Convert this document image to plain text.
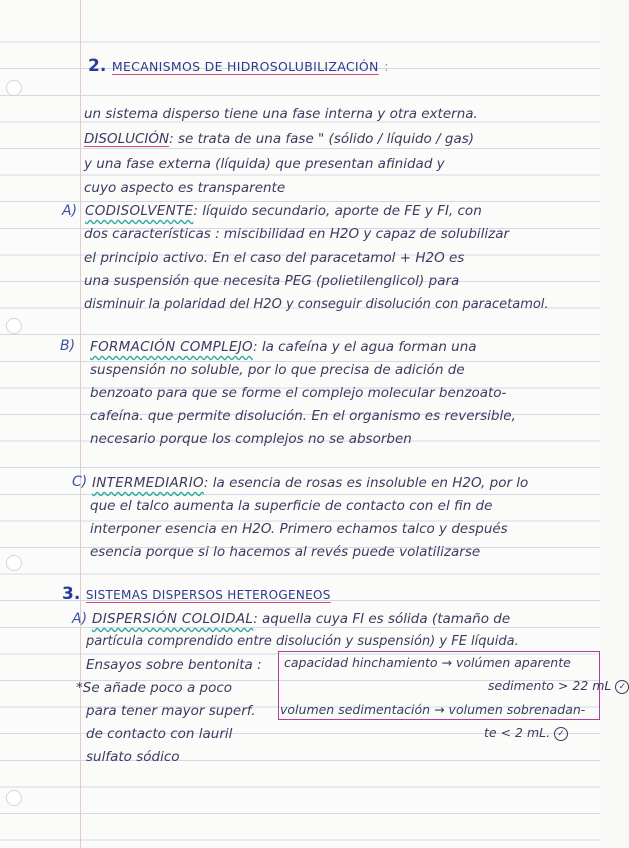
2. MECANISMOS DE HIDROSOLUBILIZACIÓN :
un sistema disperso tiene una fase interna y otra externa.
DISOLUCIÓN: se trata de una fase " (sólido / líquido / gas)
y una fase externa (líquida) que presentan afinidad y
cuyo aspecto es transparente
A) CODISOLVENTE: líquido secundario, aporte de FE y FI, con
dos características : miscibilidad en H2O y capaz de solubilizar
el principio activo. En el caso del paracetamol + H2O es
una suspensión que necesita PEG (polietilenglicol) para
disminuir la polaridad del H2O y conseguir disolución con paracetamol.
B) FORMACIÓN COMPLEJO: la cafeína y el agua forman una
suspensión no soluble, por lo que precisa de adición de
benzoato para que se forme el complejo molecular benzoato-
cafeína. que permite disolución. En el organismo es reversible,
necesario porque los complejos no se absorben
C) INTERMEDIARIO: la esencia de rosas es insoluble en H2O, por lo
que el talco aumenta la superficie de contacto con el fin de
interponer esencia en H2O. Primero echamos talco y después
esencia porque si lo hacemos al revés puede volatilizarse
3. SISTEMAS DISPERSOS HETEROGENEOS
A) DISPERSIÓN COLOIDAL: aquella cuya FI es sólida (tamaño de
partícula comprendido entre disolución y suspensión) y FE líquida.
Ensayos sobre bentonita :
*Se añade poco a poco
para tener mayor superf.
de contacto con lauril
sulfato sódico
capacidad hinchamiento → volúmen aparente
sedimento > 22 mL ✓
volumen sedimentación → volumen sobrenadan-
te < 2 mL. ✓
